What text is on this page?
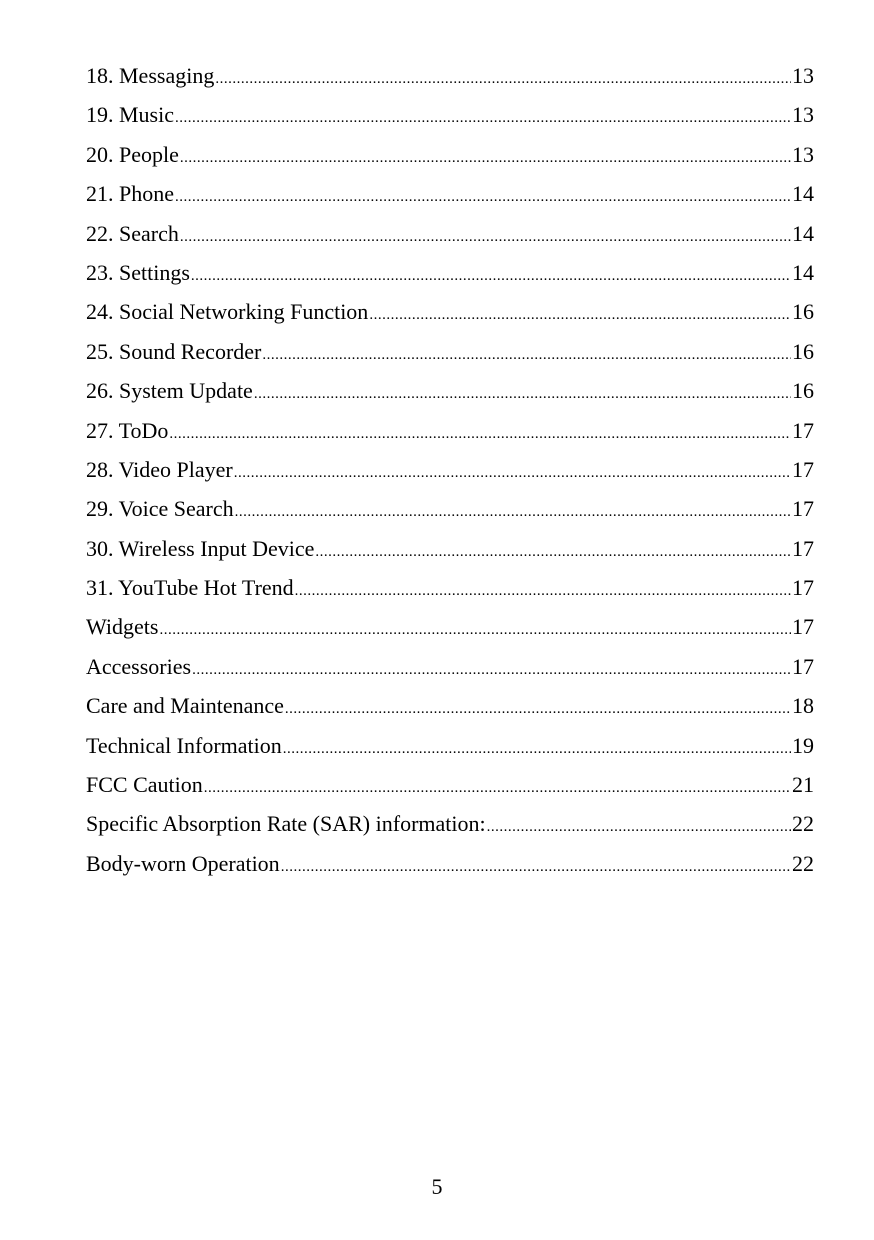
18. Messaging .....	13
19. Music .....	13
20. People .....	13
21. Phone .....	14
22. Search .....	14
23. Settings .....	14
24. Social Networking Function .....	16
25. Sound Recorder .....	16
26. System Update .....	16
27. ToDo .....	17
28. Video Player .....	17
29. Voice Search .....	17
30. Wireless Input Device .....	17
31. YouTube Hot Trend .....	17
Widgets .....	17
Accessories .....	17
Care and Maintenance .....	18
Technical Information .....	19
FCC Caution .....	21
Specific Absorption Rate (SAR) information: .....	22
Body-worn Operation .....	22
5
